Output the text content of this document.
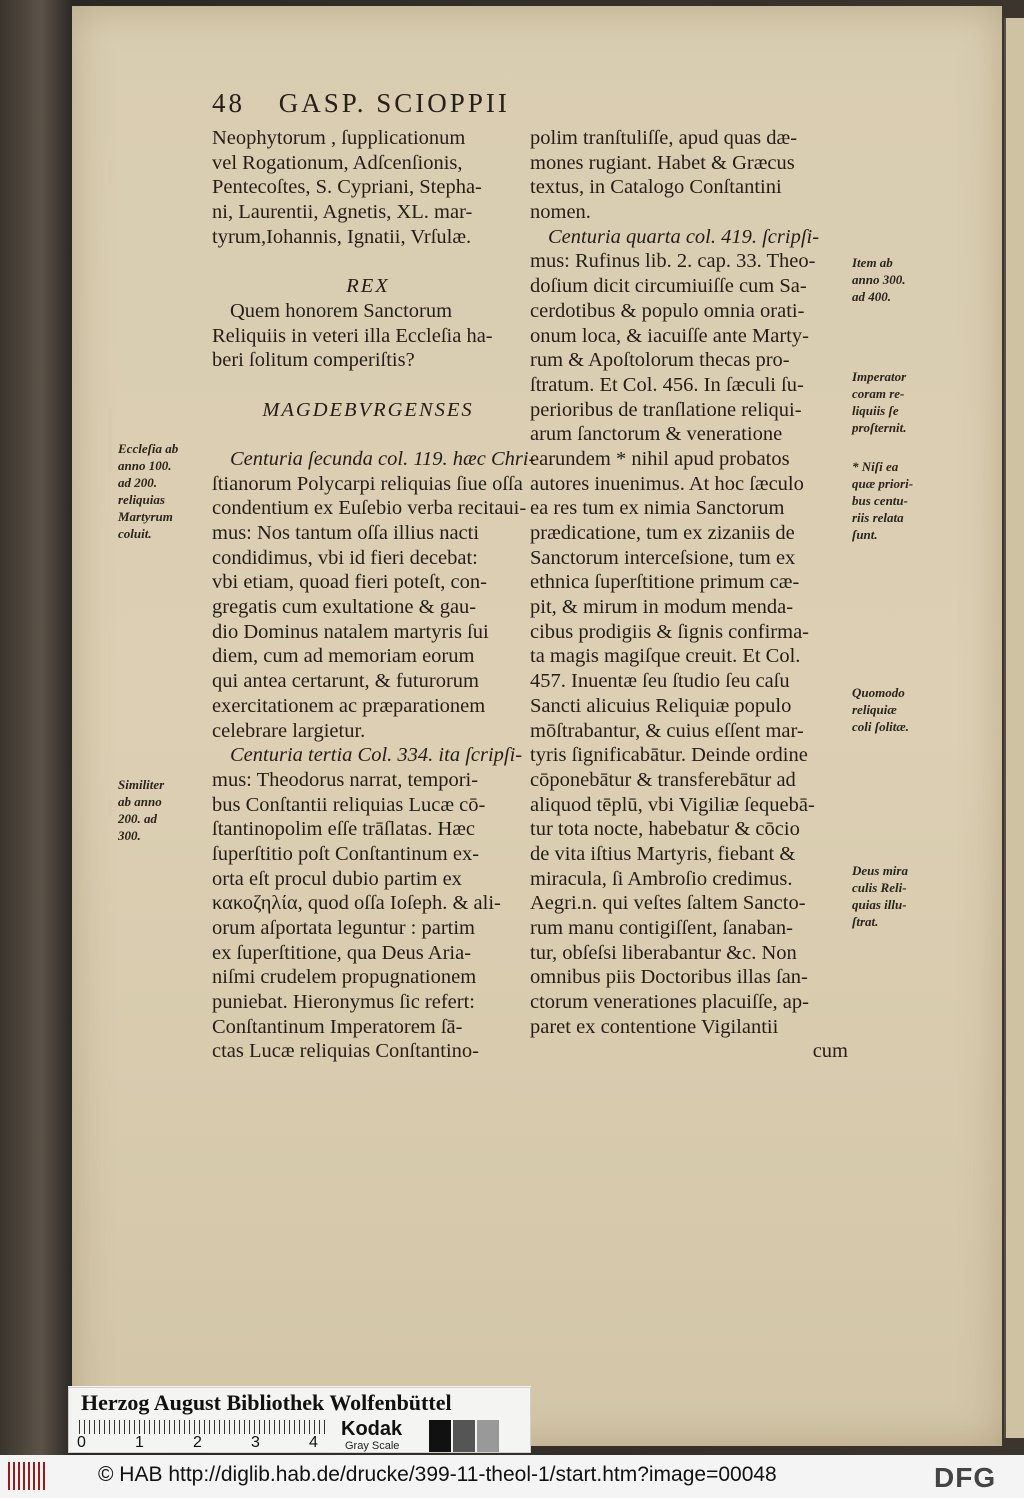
48 GASP. SCIOPPII
Neophytorum , ſupplicationum
vel Rogationum, Adſcenſionis,
Pentecoſtes, S. Cypriani, Stepha-
ni, Laurentii, Agnetis, XL. mar-
tyrum,Iohannis, Ignatii, Vrſulæ.
REX
Quem honorem Sanctorum
Reliquiis in veteri illa Eccleſia ha-
beri ſolitum comperiſtis?
MAGDEBVRGENSES
Centuria ſecunda col. 119. hæc Chri-
ſtianorum Polycarpi reliquias ſiue oſſa
condentium ex Euſebio verba recitaui-
mus: Nos tantum oſſa illius nacti
condidimus, vbi id fieri decebat:
vbi etiam, quoad fieri poteſt, con-
gregatis cum exultatione & gau-
dio Dominus natalem martyris ſui
diem, cum ad memoriam eorum
qui antea certarunt, & futurorum
exercitationem ac præparationem
celebrare largietur.
Centuria tertia Col. 334. ita ſcripſi-
mus: Theodorus narrat, tempori-
bus Conſtantii reliquias Lucæ cō-
ſtantinopolim eſſe trāſlatas. Hæc
ſuperſtitio poſt Conſtantinum ex-
orta eſt procul dubio partim ex
κακοζηλία, quod oſſa Ioſeph. & ali-
orum aſportata leguntur : partim
ex ſuperſtitione, qua Deus Aria-
niſmi crudelem propugnationem
puniebat. Hieronymus ſic refert:
Conſtantinum Imperatorem ſā-
ctas Lucæ reliquias Conſtantino-
polim tranſtuliſſe, apud quas dæ-
mones rugiant. Habet & Græcus
textus, in Catalogo Conſtantini
nomen.
Centuria quarta col. 419. ſcripſi-
mus: Rufinus lib. 2. cap. 33. Theo-
doſium dicit circumiuiſſe cum Sa-
cerdotibus & populo omnia orati-
onum loca, & iacuiſſe ante Marty-
rum & Apoſtolorum thecas pro-
ſtratum. Et Col. 456. In ſæculi ſu-
perioribus de tranſlatione reliqui-
arum ſanctorum & veneratione
earundem * nihil apud probatos
autores inuenimus. At hoc ſæculo
ea res tum ex nimia Sanctorum
prædicatione, tum ex zizaniis de
Sanctorum interceſsione, tum ex
ethnica ſuperſtitione primum cæ-
pit, & mirum in modum menda-
cibus prodigiis & ſignis confirma-
ta magis magiſque creuit. Et Col.
457. Inuentæ ſeu ſtudio ſeu caſu
Sancti alicuius Reliquiæ populo
mōſtrabantur, & cuius eſſent mar-
tyris ſignificabātur. Deinde ordine
cōponebātur & transferebātur ad
aliquod tēplū, vbi Vigiliæ ſequebā-
tur tota nocte, habebatur & cōcio
de vita iſtius Martyris, fiebant &
miracula, ſi Ambroſio credimus.
Aegri.n. qui veſtes ſaltem Sancto-
rum manu contigiſſent, ſanaban-
tur, obſeſsi liberabantur &c. Non
omnibus piis Doctoribus illas ſan-
ctorum venerationes placuiſſe, ap-
paret ex contentione Vigilantii
cum
Eccleſia ab
anno 100.
ad 200.
reliquias
Martyrum
coluit.
Similiter
ab anno
200. ad
300.
Item ab
anno 300.
ad 400.
Imperator
coram re-
liquiis ſe
proſternit.
* Niſi ea
quæ priori-
bus centu-
riis relata
ſunt.
Quomodo
reliquiæ
coli ſolitæ.
Deus mira
culis Reli-
quias illu-
ſtrat.
© HAB http://diglib.hab.de/drucke/399-11-theol-1/start.htm?image=00048	DFG
Herzog August Bibliothek Wolfenbüttel
0	1	2	3	4
Kodak
Gray Scale
